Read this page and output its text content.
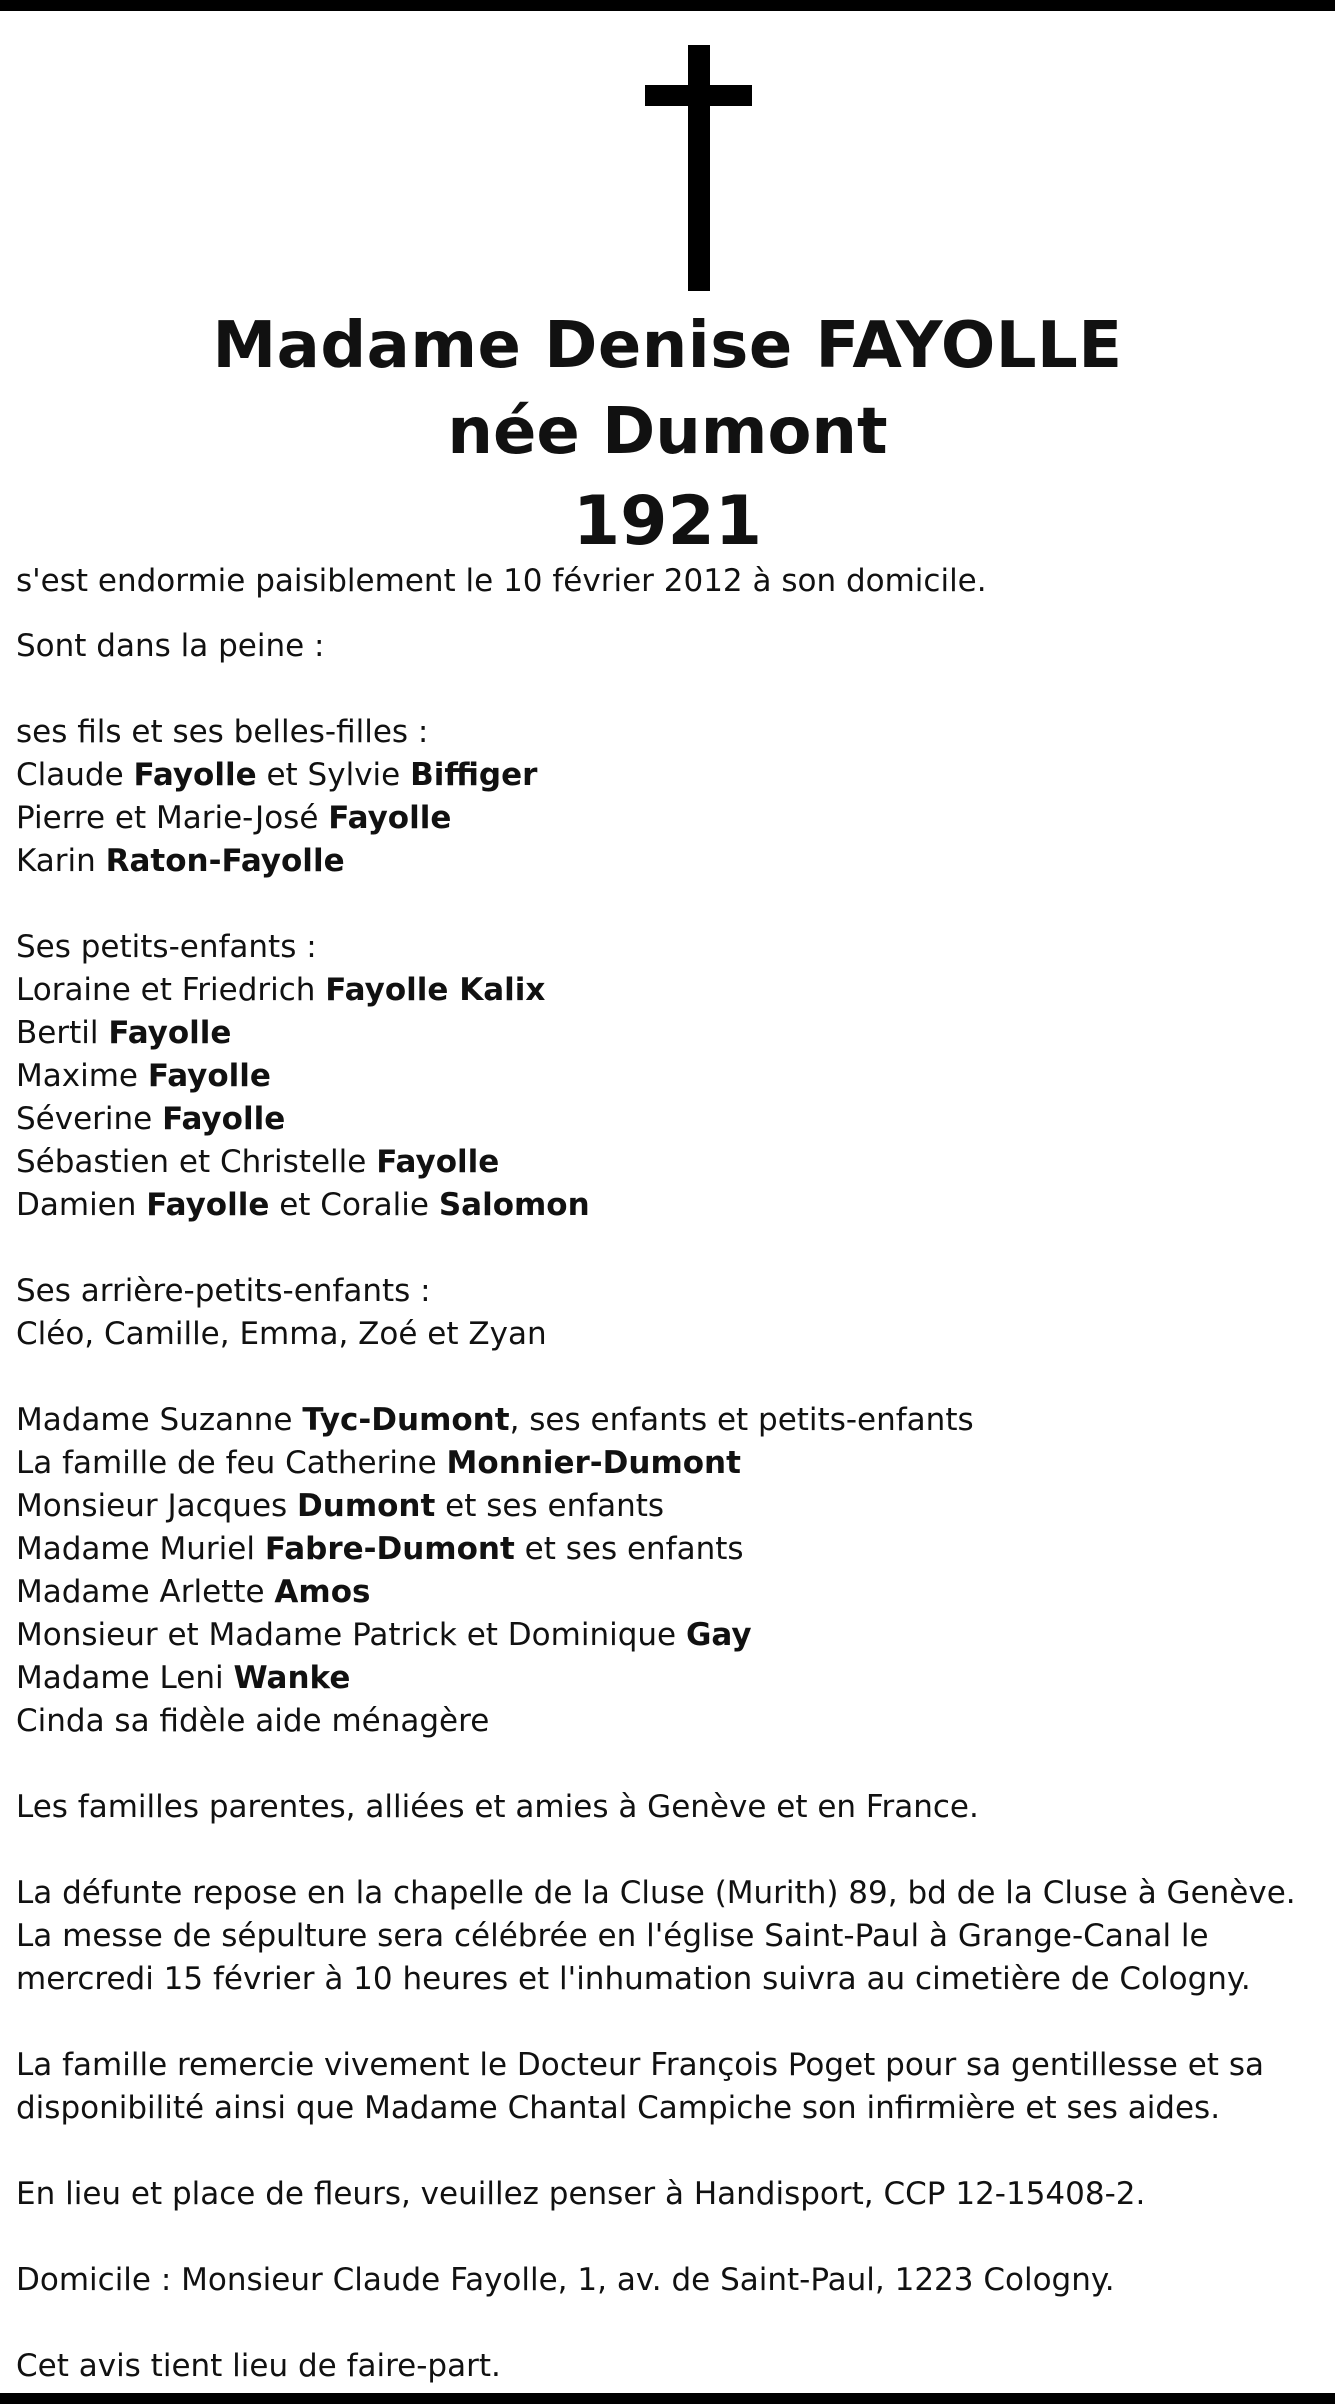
Madame Denise FAYOLLE
née Dumont
1921

s'est endormie paisiblement le 10 février 2012 à son domicile.

Sont dans la peine :

ses fils et ses belles-filles :

Claude Fayolle et Sylvie Biffiger

Pierre et Marie-José Fayolle

Karin Raton-Fayolle

Ses petits-enfants :

Loraine et Friedrich Fayolle Kalix

Bertil Fayolle

Maxime Fayolle

Séverine Fayolle

Sébastien et Christelle Fayolle

Damien Fayolle et Coralie Salomon

Ses arrière-petits-enfants :

Cléo, Camille, Emma, Zoé et Zyan

Madame Suzanne Tyc-Dumont, ses enfants et petits-enfants

La famille de feu Catherine Monnier-Dumont

Monsieur Jacques Dumont et ses enfants

Madame Muriel Fabre-Dumont et ses enfants

Madame Arlette Amos

Monsieur et Madame Patrick et Dominique Gay

Madame Leni Wanke

Cinda sa fidèle aide ménagère

Les familles parentes, alliées et amies à Genève et en France.

La défunte repose en la chapelle de la Cluse (Murith) 89, bd de la Cluse à Genève.

La messe de sépulture sera célébrée en l'église Saint-Paul à Grange-Canal le

mercredi 15 février à 10 heures et l'inhumation suivra au cimetière de Cologny.

La famille remercie vivement le Docteur François Poget pour sa gentillesse et sa

disponibilité ainsi que Madame Chantal Campiche son infirmière et ses aides.

En lieu et place de fleurs, veuillez penser à Handisport, CCP 12-15408-2.

Domicile : Monsieur Claude Fayolle, 1, av. de Saint-Paul, 1223 Cologny.

Cet avis tient lieu de faire-part.
